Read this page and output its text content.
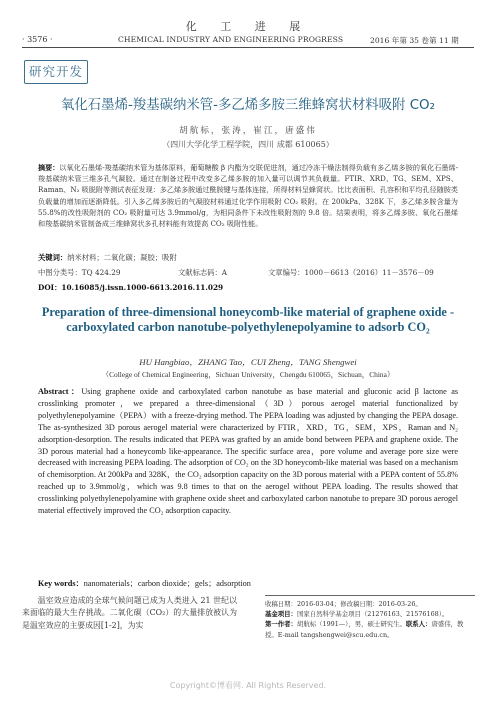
化 工 进 展
· 3576 ·	CHEMICAL INDUSTRY AND ENGINEERING PROGRESS	2016 年第 35 卷第 11 期
研究开发
氧化石墨烯-羧基碳纳米管-多乙烯多胺三维蜂窝状材料吸附 CO₂
胡航标，张涛，崔江，唐盛伟
（四川大学化学工程学院，四川 成都 610065）
摘要：以氧化石墨烯-羧基碳纳米管为基体原料，葡萄糖酸 β 内酯为交联促进剂，通过冷冻干燥法制得负载有多乙烯多胺的氧化石墨烯-羧基碳纳米管三维多孔气凝胶。通过在制备过程中改变多乙烯多胺的加入量可以调节其负载量。FTIR、XRD、TG、SEM、XPS、Raman、N₂ 吸脱附等测试表征发现：多乙烯多胺通过酰胺键与基体连接，所得材料呈蜂窝状。比比表面积、孔容积和平均孔径随胺类负载量的增加而逐渐降低。引入多乙烯多胺后的气凝胶材料通过化学作用吸附 CO₂ 吸附。在 200kPa、328K 下，多乙烯多胺含量为 55.8%的改性吸附剂的 CO₂ 吸附量可达 3.9mmol/g，为相同条件下未改性吸附剂的 9.8 倍。结果表明，将多乙烯多胺、氧化石墨烯和羧基碳纳米管制备成三维蜂窝状多孔材料能有效提高 CO₂ 吸附性能。
关键词：纳米材料；二氧化碳；凝胶；吸附
中图分类号：TQ 424.29	文献标志码：A	文章编号：1000－6613（2016）11－3576－09
DOI：10.16085/j.issn.1000-6613.2016.11.029
Preparation of three-dimensional honeycomb-like material of graphene oxide -carboxylated carbon nanotube-polyethylenepolyamine to adsorb CO₂
HU Hangbiao，ZHANG Tao，CUI Zheng，TANG Shengwei
（College of Chemical Engineering，Sichuan University，Chengdu 610065，Sichuan，China）
Abstract：Using graphene oxide and carboxylated carbon nanotube as base material and gluconic acid β lactone as crosslinking promoter，we prepared a three-dimensional（3D）porous aerogel material functionalized by polyethylenepolyamine（PEPA）with a freeze-drying method. The PEPA loading was adjusted by changing the PEPA dosage. The as-synthesized 3D porous aerogel material were characterized by FTIR，XRD，TG，SEM，XPS，Raman and N₂ adsorption-desorption. The results indicated that PEPA was grafted by an amide bond between PEPA and graphene oxide. The 3D porous material had a honeycomb like-appearance. The specific surface area，pore volume and average pore size were decreased with increasing PEPA loading. The adsorption of CO₂ on the 3D honeycomb-like material was based on a mechanism of chemisorption. At 200kPa and 328K，the CO₂ adsorption capacity on the 3D porous material with a PEPA content of 55.8% reached up to 3.9mmol/g，which was 9.8 times to that on the aerogel without PEPA loading. The results showed that crosslinking polyethylenepolyamine with graphene oxide sheet and carboxylated carbon nanotube to prepare 3D porous aerogel material effectively improved the CO₂ adsorption capacity.
Key words：nanomaterials；carbon dioxide；gels；adsorption

温室效应造成的全球气候问题已成为人类进入 21 世纪以来面临的最大生存挑战。二氧化碳（CO₂）的大量排放被认为是温室效应的主要成因[1-2]，为实

收稿日期：2016-03-04；修改稿日期：2016-03-26。
基金项目：国家自然科学基金项目（21276163、21576168）。
第一作者：胡航标（1991—），男，硕士研究生。联系人：唐盛伟，教授。E-mail tangshengwei@scu.edu.cn。
Copyright©博看网. All Rights Reserved.
